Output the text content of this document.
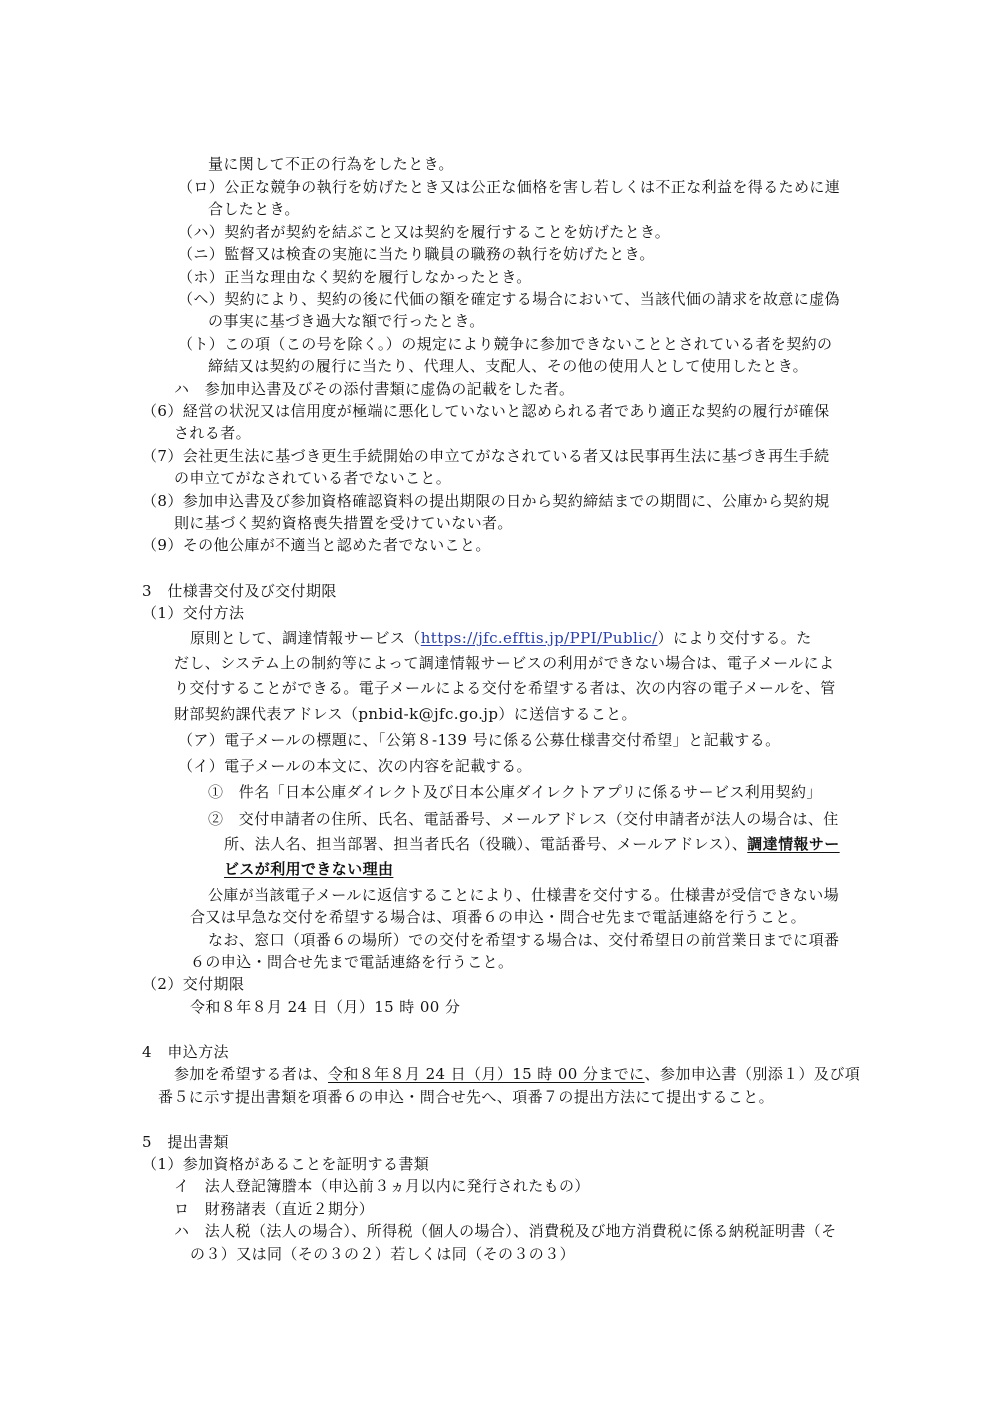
量に関して不正の行為をしたとき。
（ロ）公正な競争の執行を妨げたとき又は公正な価格を害し若しくは不正な利益を得るために連
合したとき。
（ハ）契約者が契約を結ぶこと又は契約を履行することを妨げたとき。
（ニ）監督又は検査の実施に当たり職員の職務の執行を妨げたとき。
（ホ）正当な理由なく契約を履行しなかったとき。
（ヘ）契約により、契約の後に代価の額を確定する場合において、当該代価の請求を故意に虚偽
の事実に基づき過大な額で行ったとき。
（ト）この項（この号を除く。）の規定により競争に参加できないこととされている者を契約の
締結又は契約の履行に当たり、代理人、支配人、その他の使用人として使用したとき。
ハ　参加申込書及びその添付書類に虚偽の記載をした者。
（6）経営の状況又は信用度が極端に悪化していないと認められる者であり適正な契約の履行が確保
される者。
（7）会社更生法に基づき更生手続開始の申立てがなされている者又は民事再生法に基づき再生手続
の申立てがなされている者でないこと。
（8）参加申込書及び参加資格確認資料の提出期限の日から契約締結までの期間に、公庫から契約規
則に基づく契約資格喪失措置を受けていない者。
（9）その他公庫が不適当と認めた者でないこと。
3　仕様書交付及び交付期限
（1）交付方法
原則として、調達情報サービス（https://jfc.efftis.jp/PPI/Public/）により交付する。た
だし、システム上の制約等によって調達情報サービスの利用ができない場合は、電子メールによ
り交付することができる。電子メールによる交付を希望する者は、次の内容の電子メールを、管
財部契約課代表アドレス（pnbid-k@jfc.go.jp）に送信すること。
（ア）電子メールの標題に、「公第８-139 号に係る公募仕様書交付希望」と記載する。
（イ）電子メールの本文に、次の内容を記載する。
①　件名「日本公庫ダイレクト及び日本公庫ダイレクトアプリに係るサービス利用契約」
②　交付申請者の住所、氏名、電話番号、メールアドレス（交付申請者が法人の場合は、住
所、法人名、担当部署、担当者氏名（役職）、電話番号、メールアドレス）、調達情報サー
ビスが利用できない理由
公庫が当該電子メールに返信することにより、仕様書を交付する。仕様書が受信できない場
合又は早急な交付を希望する場合は、項番６の申込・問合せ先まで電話連絡を行うこと。
なお、窓口（項番６の場所）での交付を希望する場合は、交付希望日の前営業日までに項番
６の申込・問合せ先まで電話連絡を行うこと。
（2）交付期限
令和８年８月 24 日（月）15 時 00 分
4　申込方法
参加を希望する者は、令和８年８月 24 日（月）15 時 00 分までに、参加申込書（別添１）及び項
番５に示す提出書類を項番６の申込・問合せ先へ、項番７の提出方法にて提出すること。
5　提出書類
（1）参加資格があることを証明する書類
イ　法人登記簿謄本（申込前３ヵ月以内に発行されたもの）
ロ　財務諸表（直近２期分）
ハ　法人税（法人の場合）、所得税（個人の場合）、消費税及び地方消費税に係る納税証明書（そ
の３）又は同（その３の２）若しくは同（その３の３）
